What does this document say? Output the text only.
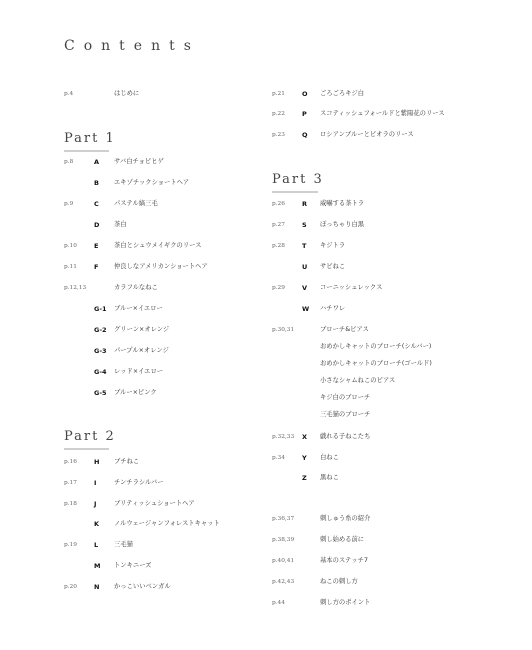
Contents
p.4	はじめに
Part 1
p.8	A サバ白チョビヒゲ
B エキゾチックショートヘア
p.9	C パステル縞三毛
D 茶白
p.10	E 茶白とシュウメイギクのリース
p.11	F 仲良しなアメリカンショートヘア
p.12,13	カラフルなねこ
G-1 ブルー×イエロー
G-2 グリーン×オレンジ
G-3 パープル×オレンジ
G-4 レッド×イエロー
G-5 ブルー×ピンク
Part 2
p.16	H ブチねこ
p.17	I	チンチラシルバー
p.18	J	ブリティッシュショートヘア
K ノルウェージャンフォレストキャット
p.19	L	三毛猫
M トンキニーズ
p.20	N かっこいいベンガル
p.21	O ごろごろキジ白
p.22	P スコティッシュフォールドと紫陽花のリース
p.23	Q ロシアンブルーとビオラのリース
Part 3
p.26	R 威嚇する茶トラ
p.27	S ぽっちゃり白黒
p.28	T キジトラ
U サビねこ
p.29	V コーニッシュレックス
W ハチワレ
p.30,31	ブローチ&ピアス
おめかしキャットのブローチ(シルバー)
おめかしキャットのブローチ(ゴールド)
小さなシャムねこのピアス
キジ白のブローチ
三毛猫のブローチ
p.32,33 X 戯れる子ねこたち
p.34	Y 白ねこ
Z 黒ねこ
p.36,37	刺しゅう糸の紹介
p.38,39	刺し始める前に
p.40,41	基本のステッチ7
p.42,43	ねこの刺し方
p.44	刺し方のポイント
